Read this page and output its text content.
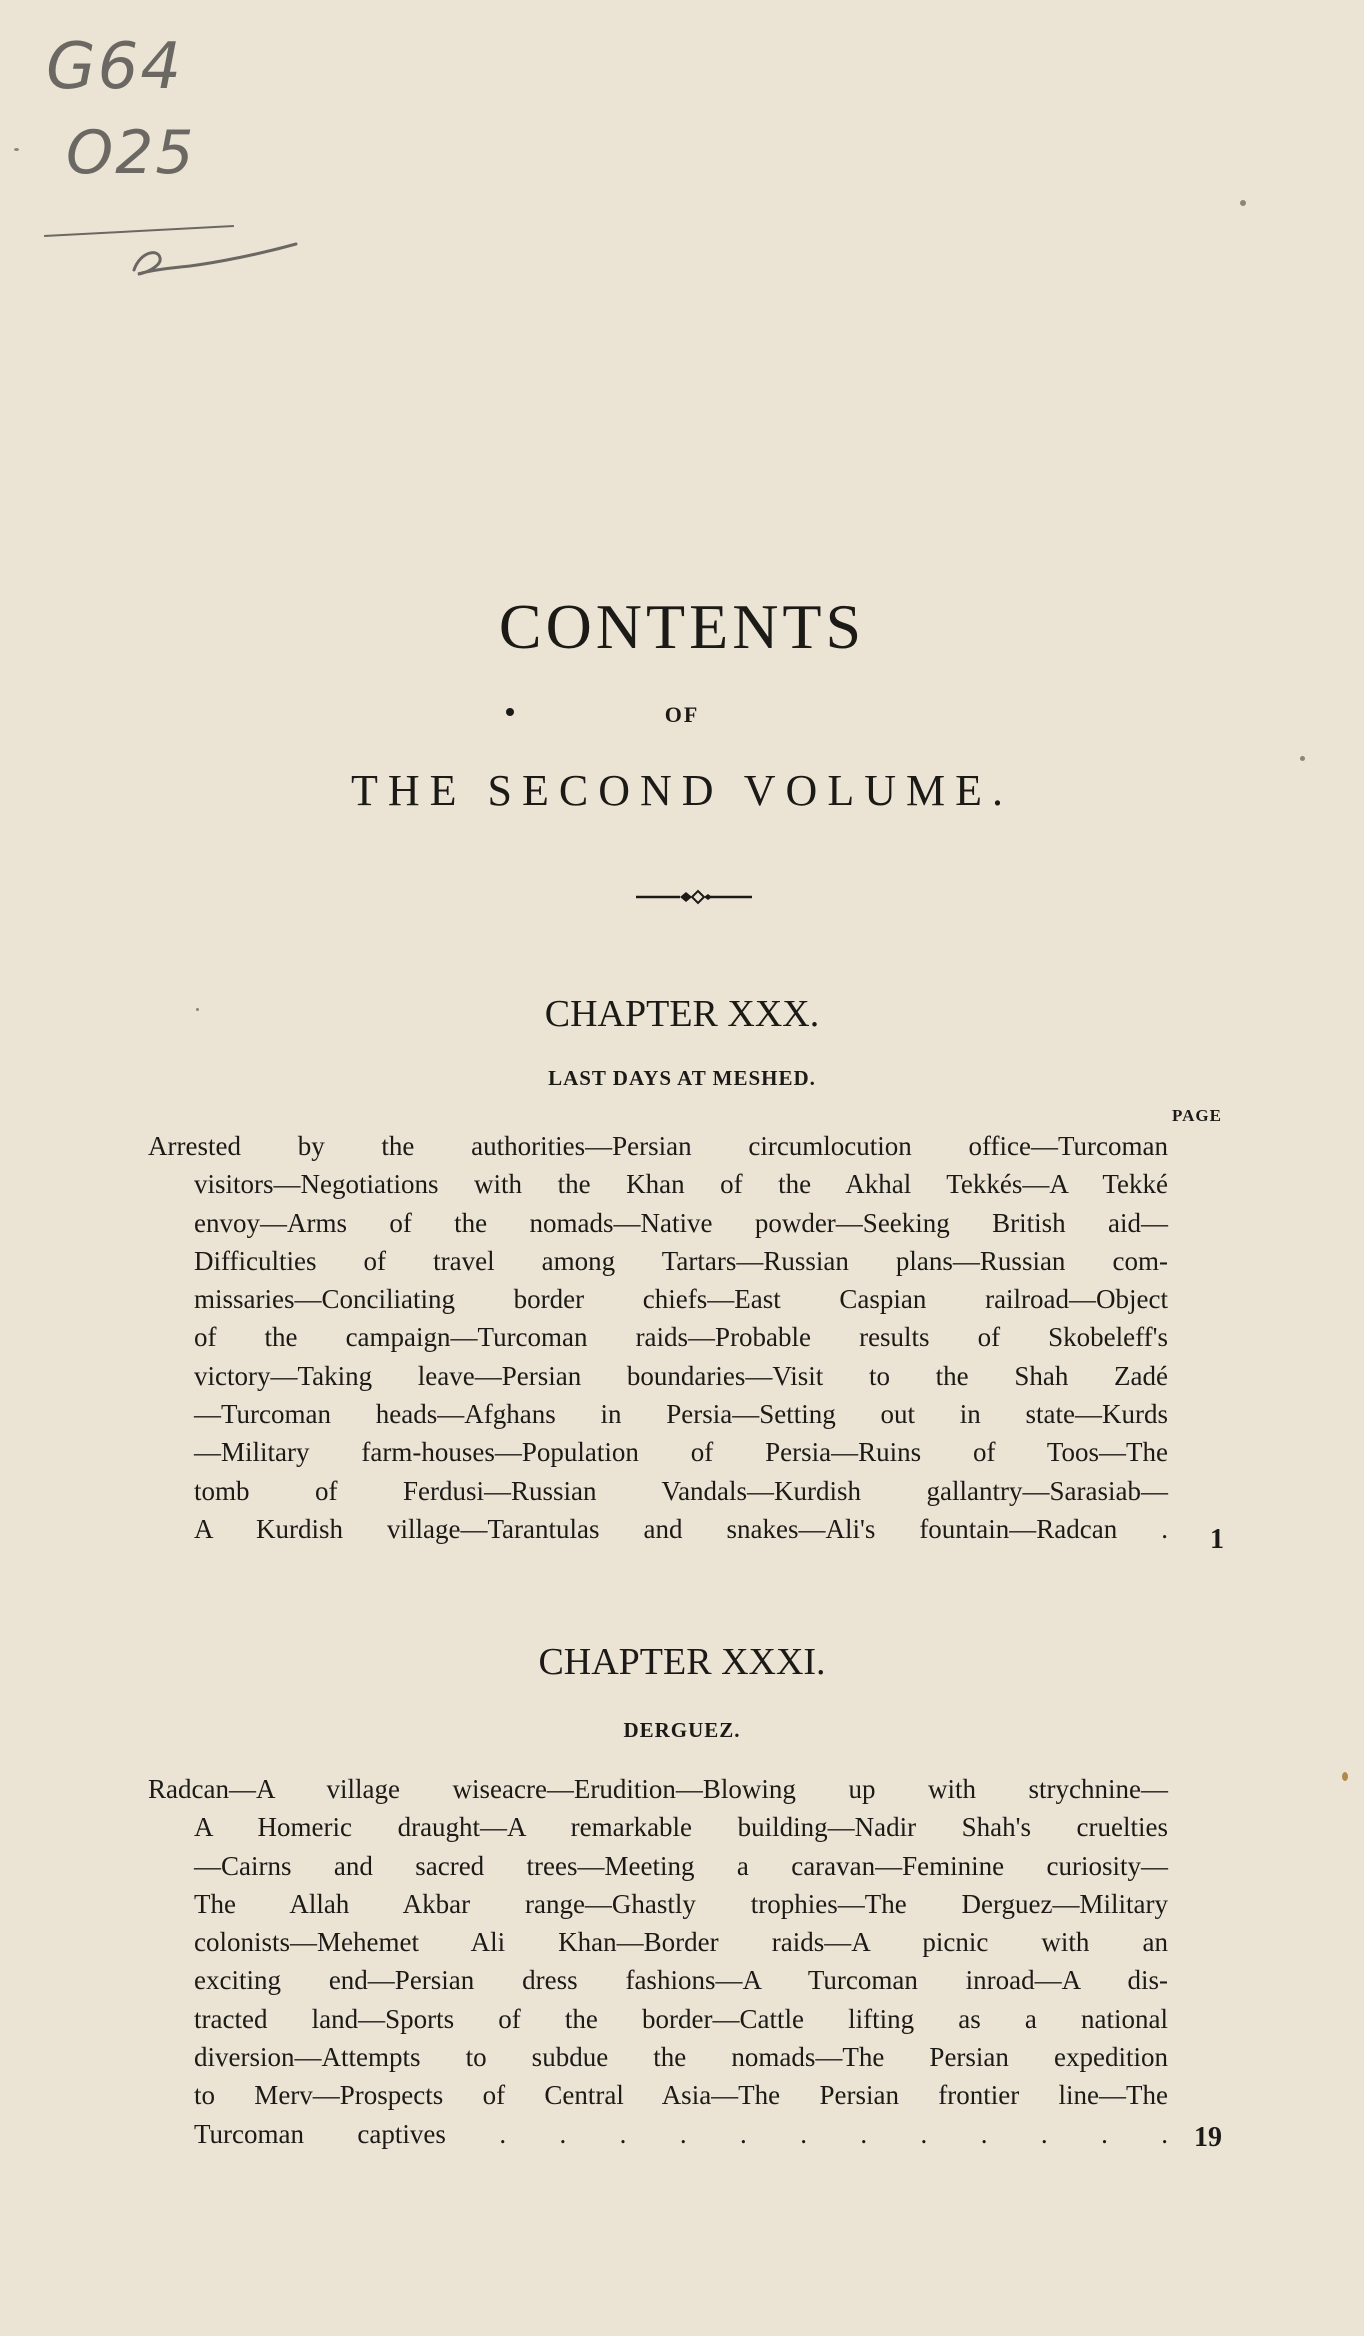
G64
O25
CONTENTS
OF
THE SECOND VOLUME.
CHAPTER XXX.
LAST DAYS AT MESHED.
PAGE
Arrested by the authorities—Persian circumlocution office—Turcoman
visitors—Negotiations with the Khan of the Akhal Tekkés—A Tekké
envoy—Arms of the nomads—Native powder—Seeking British aid—
Difficulties of travel among Tartars—Russian plans—Russian com-
missaries—Conciliating border chiefs—East Caspian railroad—Object
of the campaign—Turcoman raids—Probable results of Skobeleff's
victory—Taking leave—Persian boundaries—Visit to the Shah Zadé
—Turcoman heads—Afghans in Persia—Setting out in state—Kurds
—Military farm-houses—Population of Persia—Ruins of Toos—The
tomb of Ferdusi—Russian Vandals—Kurdish gallantry—Sarasiab—
A Kurdish village—Tarantulas and snakes—Ali's fountain—Radcan . 1
CHAPTER XXXI.
DERGUEZ.
Radcan—A village wiseacre—Erudition—Blowing up with strychnine—
A Homeric draught—A remarkable building—Nadir Shah's cruelties
—Cairns and sacred trees—Meeting a caravan—Feminine curiosity—
The Allah Akbar range—Ghastly trophies—The Derguez—Military
colonists—Mehemet Ali Khan—Border raids—A picnic with an
exciting end—Persian dress fashions—A Turcoman inroad—A dis-
tracted land—Sports of the border—Cattle lifting as a national
diversion—Attempts to subdue the nomads—The Persian expedition
to Merv—Prospects of Central Asia—The Persian frontier line—The
Turcoman captives . . . . . . . . . . . . 19
